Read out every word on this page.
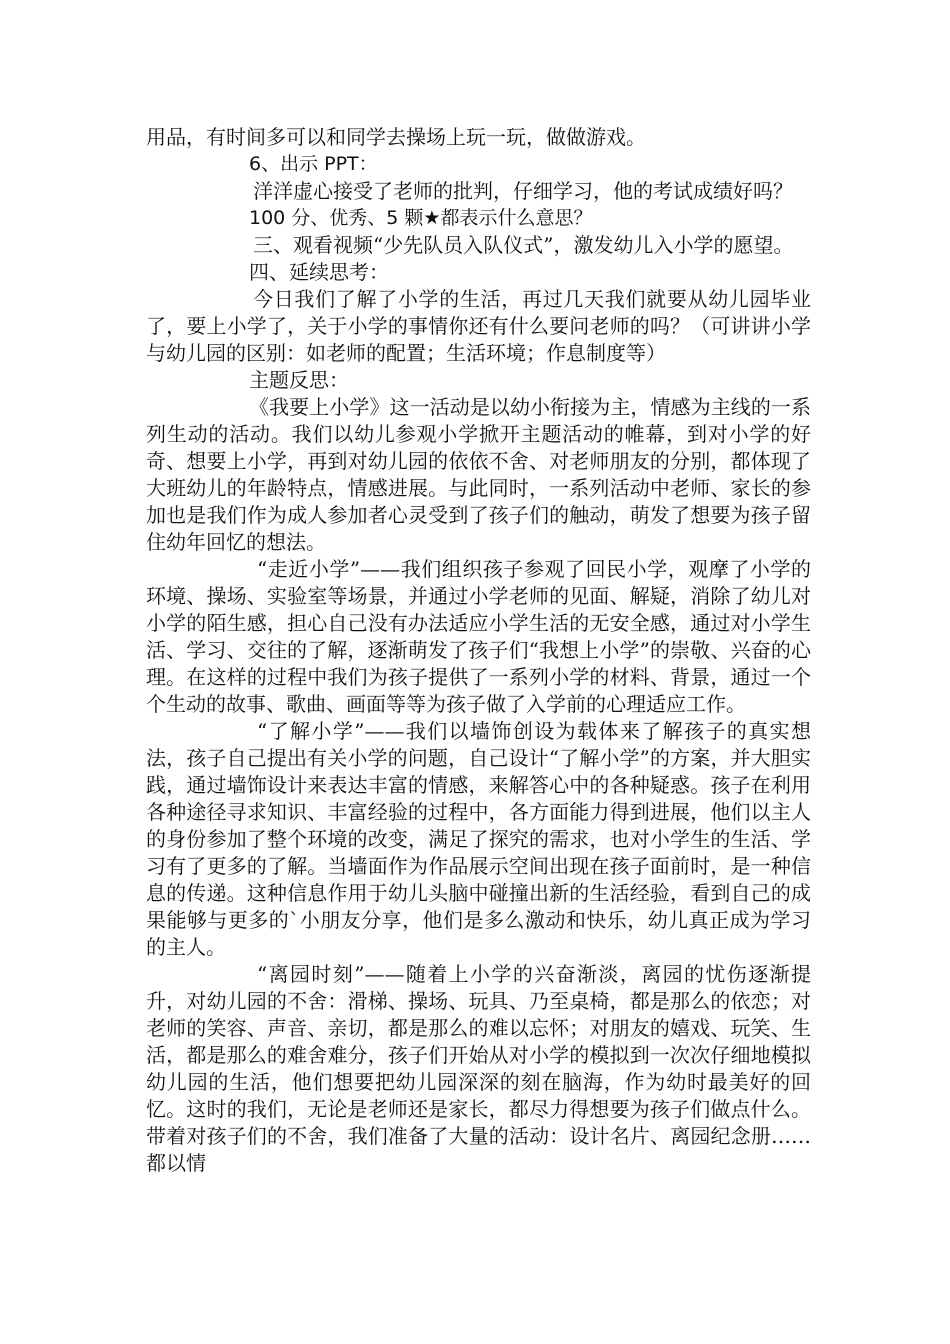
用品，有时间多可以和同学去操场上玩一玩，做做游戏。

6、出示 PPT：

洋洋虚心接受了老师的批判，仔细学习，他的考试成绩好吗？

100 分、优秀、5 颗★都表示什么意思？

三、观看视频“少先队员入队仪式”，激发幼儿入小学的愿望。

四、延续思考：

今日我们了解了小学的生活，再过几天我们就要从幼儿园毕业了，要上小学了，关于小学的事情你还有什么要问老师的吗？（可讲讲小学与幼儿园的区别：如老师的配置；生活环境；作息制度等）

主题反思：

《我要上小学》这一活动是以幼小衔接为主，情感为主线的一系列生动的活动。我们以幼儿参观小学掀开主题活动的帷幕，到对小学的好奇、想要上小学，再到对幼儿园的依依不舍、对老师朋友的分别，都体现了大班幼儿的年龄特点，情感进展。与此同时，一系列活动中老师、家长的参加也是我们作为成人参加者心灵受到了孩子们的触动，萌发了想要为孩子留住幼年回忆的想法。

“走近小学”——我们组织孩子参观了回民小学，观摩了小学的环境、操场、实验室等场景，并通过小学老师的见面、解疑，消除了幼儿对小学的陌生感，担心自己没有办法适应小学生活的无安全感，通过对小学生活、学习、交往的了解，逐渐萌发了孩子们“我想上小学”的崇敬、兴奋的心理。在这样的过程中我们为孩子提供了一系列小学的材料、背景，通过一个个生动的故事、歌曲、画面等等为孩子做了入学前的心理适应工作。

“了解小学”——我们以墙饰创设为载体来了解孩子的真实想法，孩子自己提出有关小学的问题，自己设计“了解小学”的方案，并大胆实践，通过墙饰设计来表达丰富的情感，来解答心中的各种疑惑。孩子在利用各种途径寻求知识、丰富经验的过程中，各方面能力得到进展，他们以主人的身份参加了整个环境的改变，满足了探究的需求，也对小学生的生活、学习有了更多的了解。当墙面作为作品展示空间出现在孩子面前时，是一种信息的传递。这种信息作用于幼儿头脑中碰撞出新的生活经验，看到自己的成果能够与更多的`小朋友分享，他们是多么激动和快乐，幼儿真正成为学习的主人。

“离园时刻”——随着上小学的兴奋渐淡，离园的忧伤逐渐提升，对幼儿园的不舍：滑梯、操场、玩具、乃至桌椅，都是那么的依恋；对老师的笑容、声音、亲切，都是那么的难以忘怀；对朋友的嬉戏、玩笑、生活，都是那么的难舍难分，孩子们开始从对小学的模拟到一次次仔细地模拟幼儿园的生活，他们想要把幼儿园深深的刻在脑海，作为幼时最美好的回忆。这时的我们，无论是老师还是家长，都尽力得想要为孩子们做点什么。带着对孩子们的不舍，我们准备了大量的活动：设计名片、离园纪念册……都以情
